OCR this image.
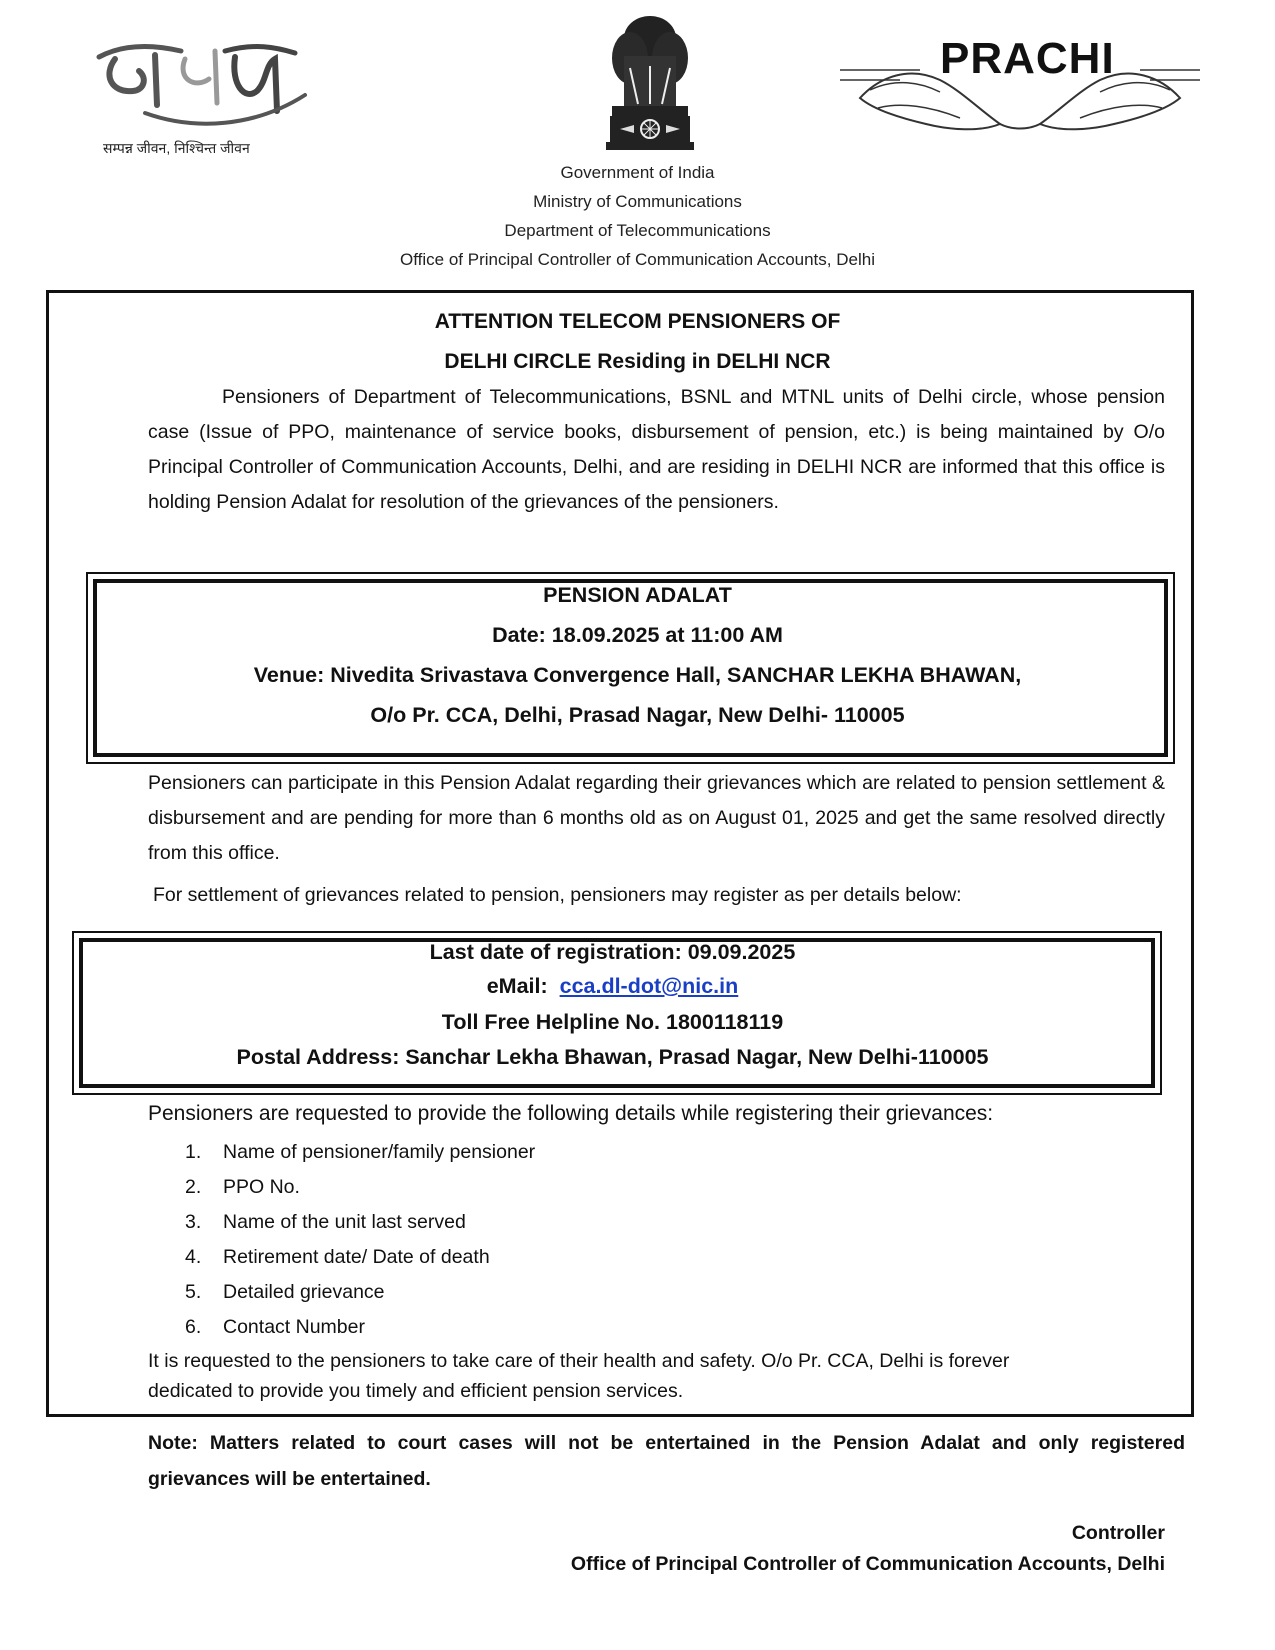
सम्पन्न जीवन, निश्चिन्त जीवन
PRACHI
Government of India
Ministry of Communications
Department of Telecommunications
Office of Principal Controller of Communication Accounts, Delhi
ATTENTION TELECOM PENSIONERS OF
DELHI CIRCLE Residing in DELHI NCR
Pensioners of Department of Telecommunications, BSNL and MTNL units of Delhi circle, whose pension case (Issue of PPO, maintenance of service books, disbursement of pension, etc.) is being maintained by O/o Principal Controller of Communication Accounts, Delhi, and are residing in DELHI NCR are informed that this office is holding Pension Adalat for resolution of the grievances of the pensioners.
PENSION ADALAT
Date: 18.09.2025 at 11:00 AM
Venue: Nivedita Srivastava Convergence Hall, SANCHAR LEKHA BHAWAN,
O/o Pr. CCA, Delhi, Prasad Nagar, New Delhi- 110005
Pensioners can participate in this Pension Adalat regarding their grievances which are related to pension settlement & disbursement and are pending for more than 6 months old as on August 01, 2025 and get the same resolved directly from this office.
For settlement of grievances related to pension, pensioners may register as per details below:
Last date of registration: 09.09.2025
eMail: cca.dl-dot@nic.in
Toll Free Helpline No. 1800118119
Postal Address: Sanchar Lekha Bhawan, Prasad Nagar, New Delhi-110005
Pensioners are requested to provide the following details while registering their grievances:
1. Name of pensioner/family pensioner
2. PPO No.
3. Name of the unit last served
4. Retirement date/ Date of death
5. Detailed grievance
6. Contact Number
It is requested to the pensioners to take care of their health and safety. O/o Pr. CCA, Delhi is forever
dedicated to provide you timely and efficient pension services.
Note: Matters related to court cases will not be entertained in the Pension Adalat and only registered grievances will be entertained.
Controller
Office of Principal Controller of Communication Accounts, Delhi
